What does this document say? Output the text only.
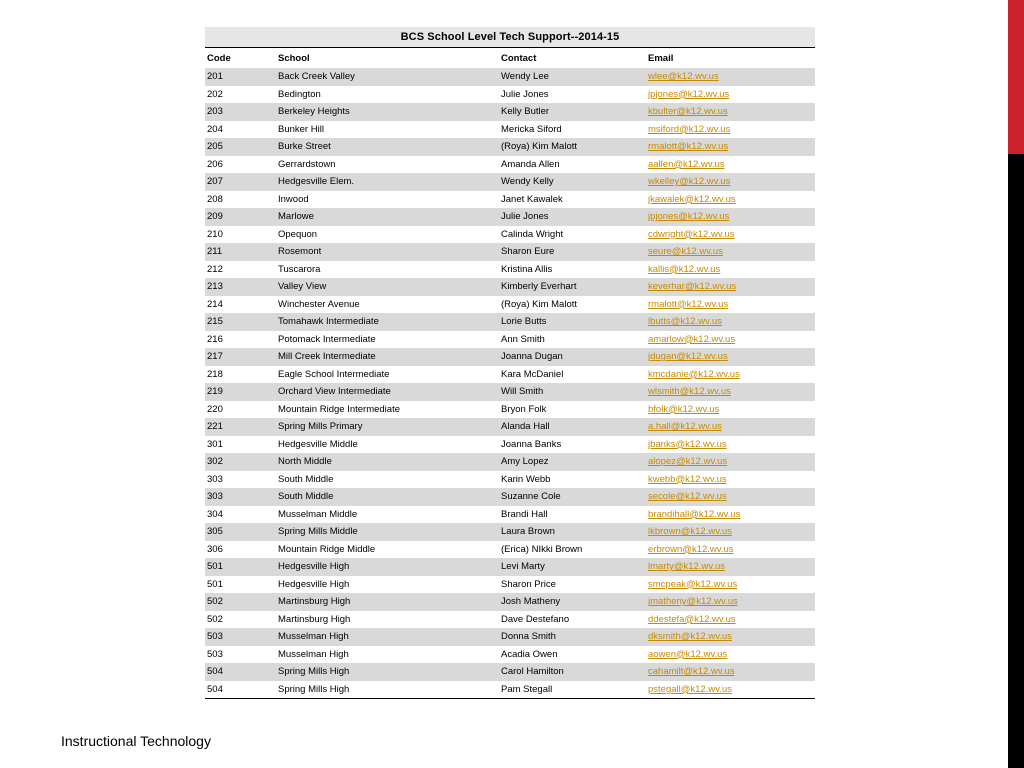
BCS School Level Tech Support--2014-15
Code	School	Contact	Email
201	Back Creek Valley	Wendy Lee	wlee@k12.wv.us
202	Bedington	Julie Jones	jpjones@k12.wv.us
203	Berkeley Heights	Kelly Butler	kbulter@k12.wv.us
204	Bunker Hill	Mericka Siford	msiford@k12.wv.us
205	Burke Street	(Roya) Kim Malott	rmalott@k12.wv.us
206	Gerrardstown	Amanda Allen	aallen@k12.wv.us
207	Hedgesville Elem.	Wendy Kelly	wkelley@k12.wv.us
208	Inwood	Janet Kawalek	jkawalek@k12.wv.us
209	Marlowe	Julie Jones	jpjones@k12.wv.us
210	Opequon	Calinda Wright	cdwright@k12.wv.us
211	Rosemont	Sharon Eure	seure@k12.wv.us
212	Tuscarora	Kristina Allis	kallis@k12.wv.us
213	Valley View	Kimberly Everhart	keverhar@k12.wv.us
214	Winchester Avenue	(Roya) Kim Malott	rmalott@k12.wv.us
215	Tomahawk Intermediate	Lorie Butts	lbutts@k12.wv.us
216	Potomack Intermediate	Ann Smith	amarlow@k12.wv.us
217	Mill Creek Intermediate	Joanna Dugan	jdugan@k12.wv.us
218	Eagle School Intermediate	Kara McDaniel	kmcdanie@k12.wv.us
219	Orchard View Intermediate	Will Smith	wlsmith@k12.wv.us
220	Mountain Ridge Intermediate	Bryon Folk	bfolk@k12.wv.us
221	Spring Mills Primary	Alanda Hall	a.hall@k12.wv.us
301	Hedgesville Middle	Joanna Banks	jbanks@k12.wv.us
302	North Middle	Amy Lopez	alopez@k12.wv.us
303	South Middle	Karin Webb	kwebb@k12.wv.us
303	South Middle	Suzanne Cole	secole@k12.wv.us
304	Musselman Middle	Brandi Hall	brandihall@k12.wv.us
305	Spring Mills Middle	Laura Brown	lkbrown@k12.wv.us
306	Mountain Ridge Middle	(Erica) NIkki Brown	erbrown@k12.wv.us
501	Hedgesville High	Levi Marty	lmarty@k12.wv.us
501	Hedgesville High	Sharon Price	smcpeak@k12.wv.us
502	Martinsburg High	Josh Matheny	jmatheny@k12.wv.us
502	Martinsburg High	Dave Destefano	ddestefa@k12.wv.us
503	Musselman High	Donna Smith	dksmith@k12.wv.us
503	Musselman High	Acadia Owen	aowen@k12.wv.us
504	Spring Mills High	Carol Hamilton	cahamilt@k12.wv.us
504	Spring Mills High	Pam Stegall	pstegall@k12.wv.us
Instructional Technology
